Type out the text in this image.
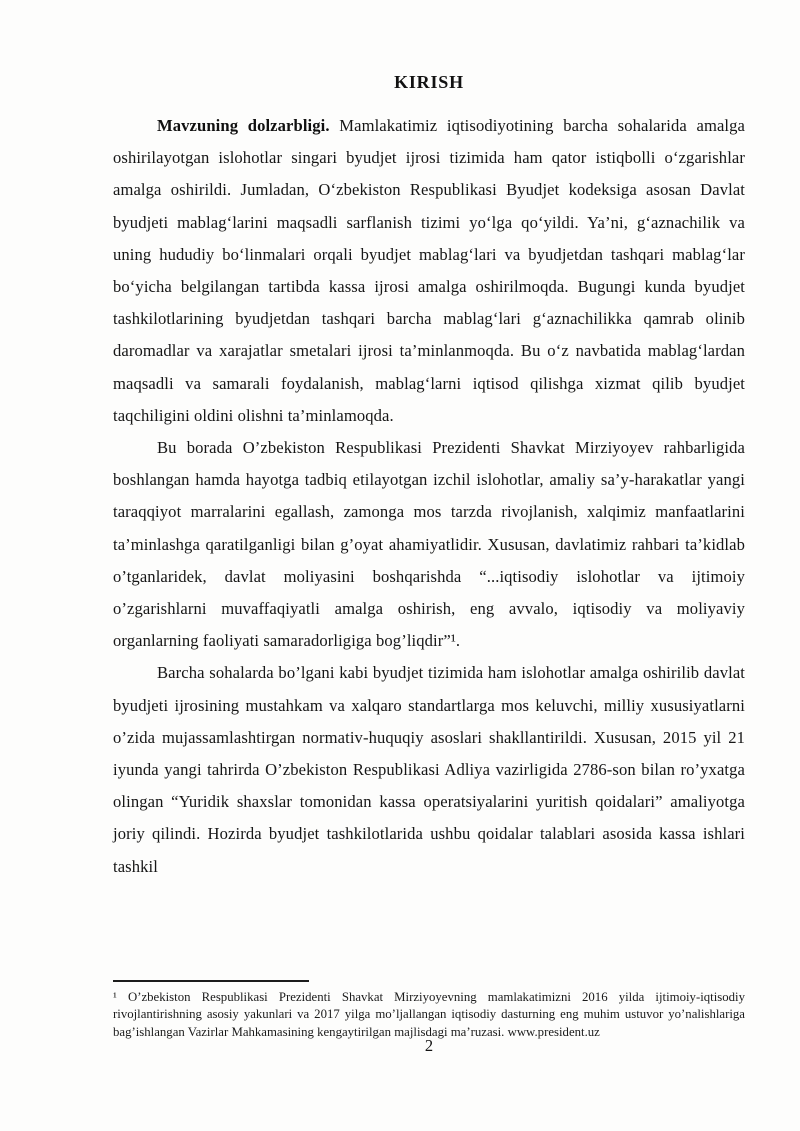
KIRISH

Mavzuning dolzarbligi. Mamlakatimiz iqtisodiyotining barcha sohalarida amalga oshirilayotgan islohotlar singari byudjet ijrosi tizimida ham qator istiqbolli oʻzgarishlar amalga oshirildi. Jumladan, Oʻzbekiston Respublikasi Byudjet kodeksiga asosan Davlat byudjeti mablagʻlarini maqsadli sarflanish tizimi yoʻlga qoʻyildi. Ya’ni, gʻaznachilik va uning hududiy boʻlinmalari orqali byudjet mablagʻlari va byudjetdan tashqari mablagʻlar boʻyicha belgilangan tartibda kassa ijrosi amalga oshirilmoqda. Bugungi kunda byudjet tashkilotlarining byudjetdan tashqari barcha mablagʻlari gʻaznachilikka qamrab olinib daromadlar va xarajatlar smetalari ijrosi ta’minlanmoqda. Bu oʻz navbatida mablagʻlardan maqsadli va samarali foydalanish, mablagʻlarni iqtisod qilishga xizmat qilib byudjet taqchiligini oldini olishni ta’minlamoqda.

Bu borada O’zbekiston Respublikasi Prezidenti Shavkat Mirziyoyev rahbarligida boshlangan hamda hayotga tadbiq etilayotgan izchil islohotlar, amaliy sa’y-harakatlar yangi taraqqiyot marralarini egallash, zamonga mos tarzda rivojlanish, xalqimiz manfaatlarini ta’minlashga qaratilganligi bilan g’oyat ahamiyatlidir. Xususan, davlatimiz rahbari ta’kidlab o’tganlaridek, davlat moliyasini boshqarishda “...iqtisodiy islohotlar va ijtimoiy o’zgarishlarni muvaffaqiyatli amalga oshirish, eng avvalo, iqtisodiy va moliyaviy organlarning faoliyati samaradorligiga bog’liqdir”¹.

Barcha sohalarda bo’lgani kabi byudjet tizimida ham islohotlar amalga oshirilib davlat byudjeti ijrosining mustahkam va xalqaro standartlarga mos keluvchi, milliy xususiyatlarni o’zida mujassamlashtirgan normativ-huquqiy asoslari shakllantirildi. Xususan, 2015 yil 21 iyunda yangi tahrirda O’zbekiston Respublikasi Adliya vazirligida 2786-son bilan ro’yxatga olingan “Yuridik shaxslar tomonidan kassa operatsiyalarini yuritish qoidalari” amaliyotga joriy qilindi. Hozirda byudjet tashkilotlarida ushbu qoidalar talablari asosida kassa ishlari tashkil

¹ O’zbekiston Respublikasi Prezidenti Shavkat Mirziyoyevning mamlakatimizni 2016 yilda ijtimoiy-iqtisodiy rivojlantirishning asosiy yakunlari va 2017 yilga mo’ljallangan iqtisodiy dasturning eng muhim ustuvor yo’nalishlariga bag’ishlangan Vazirlar Mahkamasining kengaytirilgan majlisdagi ma’ruzasi. www.president.uz

2
